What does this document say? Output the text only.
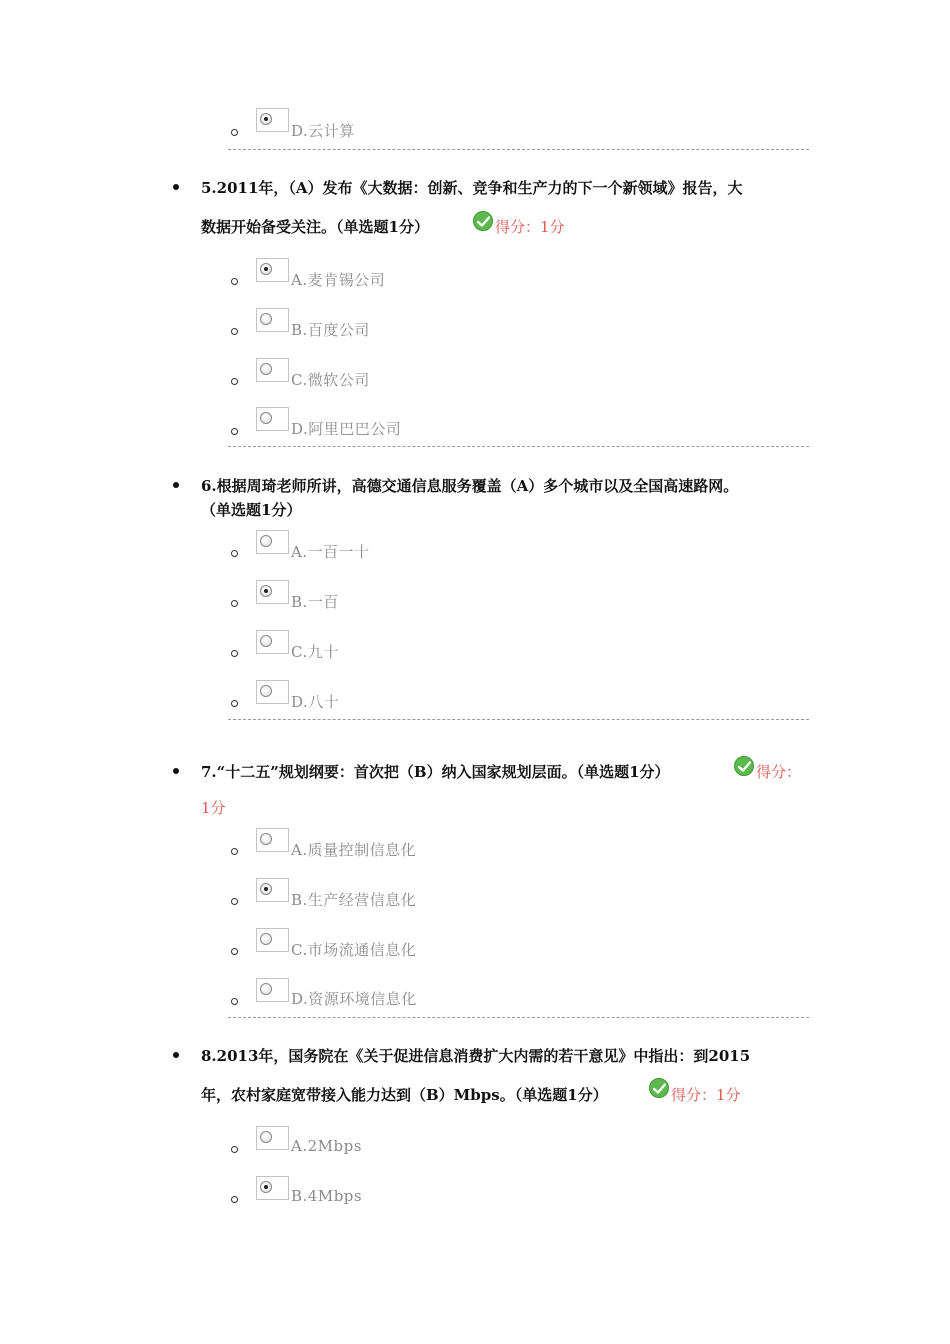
D.云计算
5.2011年，（A）发布《大数据：创新、竞争和生产力的下一个新领域》报告，大
数据开始备受关注。（单选题1分）	得分：1分
A.麦肯锡公司
B.百度公司
C.微软公司
D.阿里巴巴公司
6.根据周琦老师所讲，高德交通信息服务覆盖（A）多个城市以及全国高速路网。
（单选题1分）
A.一百一十
B.一百
C.九十
D.八十
7.“十二五”规划纲要：首次把（B）纳入国家规划层面。（单选题1分）	得分：
1分
A.质量控制信息化
B.生产经营信息化
C.市场流通信息化
D.资源环境信息化
8.2013年，国务院在《关于促进信息消费扩大内需的若干意见》中指出：到2015
年，农村家庭宽带接入能力达到（B）Mbps。（单选题1分）	得分：1分
A.2Mbps
B.4Mbps
